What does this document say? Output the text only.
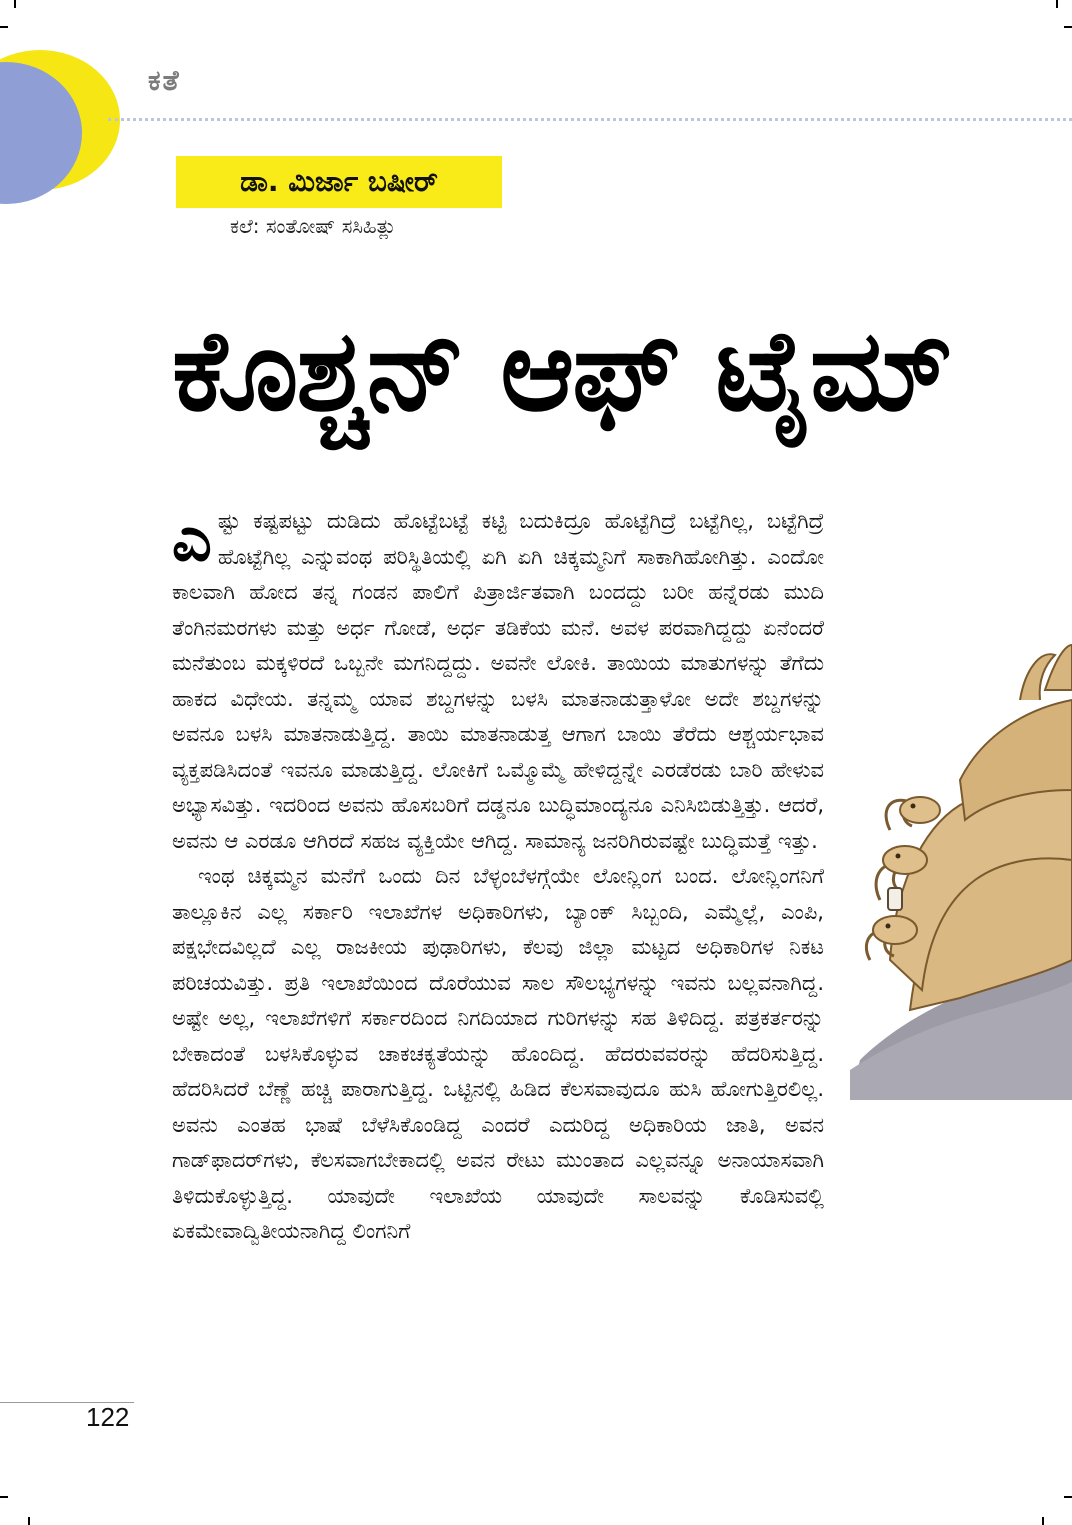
ಕತೆ
ಡಾ. ಮಿರ್ಜಾ ಬಷೀರ್
ಕಲೆ: ಸಂತೋಷ್ ಸಸಿಹಿತ್ಲು
ಕೊಶ್ಚನ್ ಆಫ್ ಟೈಮ್

ಎಷ್ಟು ಕಷ್ಟಪಟ್ಟು ದುಡಿದು ಹೊಟ್ಟೆಬಟ್ಟೆ ಕಟ್ಟಿ ಬದುಕಿದ್ರೂ ಹೊಟ್ಟೆಗಿದ್ರೆ ಬಟ್ಟೆಗಿಲ್ಲ, ಬಟ್ಟೆಗಿದ್ರೆ ಹೊಟ್ಟೆಗಿಲ್ಲ ಎನ್ನುವಂಥ ಪರಿಸ್ಥಿತಿಯಲ್ಲಿ ಏಗಿ ಏಗಿ ಚಿಕ್ಕಮ್ಮನಿಗೆ ಸಾಕಾಗಿಹೋಗಿತ್ತು. ಎಂದೋ ಕಾಲವಾಗಿ ಹೋದ ತನ್ನ ಗಂಡನ ಪಾಲಿಗೆ ಪಿತ್ರಾರ್ಜಿತವಾಗಿ ಬಂದದ್ದು ಬರೀ ಹನ್ನೆರಡು ಮುದಿ ತೆಂಗಿನಮರಗಳು ಮತ್ತು ಅರ್ಧ ಗೋಡೆ, ಅರ್ಧ ತಡಿಕೆಯ ಮನೆ. ಅವಳ ಪರವಾಗಿದ್ದದ್ದು ಏನೆಂದರೆ ಮನೆತುಂಬ ಮಕ್ಕಳಿರದೆ ಒಬ್ಬನೇ ಮಗನಿದ್ದದ್ದು. ಅವನೇ ಲೋಕಿ. ತಾಯಿಯ ಮಾತುಗಳನ್ನು ತೆಗೆದು ಹಾಕದ ವಿಧೇಯ. ತನ್ನಮ್ಮ ಯಾವ ಶಬ್ದಗಳನ್ನು ಬಳಸಿ ಮಾತನಾಡುತ್ತಾಳೋ ಅದೇ ಶಬ್ದಗಳನ್ನು ಅವನೂ ಬಳಸಿ ಮಾತನಾಡುತ್ತಿದ್ದ. ತಾಯಿ ಮಾತನಾಡುತ್ತ ಆಗಾಗ ಬಾಯಿ ತೆರೆದು ಆಶ್ಚರ್ಯಭಾವ ವ್ಯಕ್ತಪಡಿಸಿದಂತೆ ಇವನೂ ಮಾಡುತ್ತಿದ್ದ. ಲೋಕಿಗೆ ಒಮ್ಮೊಮ್ಮೆ ಹೇಳಿದ್ದನ್ನೇ ಎರಡೆರಡು ಬಾರಿ ಹೇಳುವ ಅಭ್ಯಾಸವಿತ್ತು. ಇದರಿಂದ ಅವನು ಹೊಸಬರಿಗೆ ದಡ್ಡನೂ ಬುದ್ಧಿಮಾಂದ್ಯನೂ ಎನಿಸಿಬಿಡುತ್ತಿತ್ತು. ಆದರೆ, ಅವನು ಆ ಎರಡೂ ಆಗಿರದೆ ಸಹಜ ವ್ಯಕ್ತಿಯೇ ಆಗಿದ್ದ. ಸಾಮಾನ್ಯ ಜನರಿಗಿರುವಷ್ಟೇ ಬುದ್ಧಿಮತ್ತೆ ಇತ್ತು.

ಇಂಥ ಚಿಕ್ಕಮ್ಮನ ಮನೆಗೆ ಒಂದು ದಿನ ಬೆಳ್ಳಂಬೆಳಗ್ಗೆಯೇ ಲೋನ್ಲಿಂಗ ಬಂದ. ಲೋನ್ಲಿಂಗನಿಗೆ ತಾಲ್ಲೂಕಿನ ಎಲ್ಲ ಸರ್ಕಾರಿ ಇಲಾಖೆಗಳ ಅಧಿಕಾರಿಗಳು, ಬ್ಯಾಂಕ್ ಸಿಬ್ಬಂದಿ, ಎಮ್ಮೆಲ್ಲೆ, ಎಂಪಿ, ಪಕ್ಷಭೇದವಿಲ್ಲದೆ ಎಲ್ಲ ರಾಜಕೀಯ ಪುಢಾರಿಗಳು, ಕೆಲವು ಜಿಲ್ಲಾ ಮಟ್ಟದ ಅಧಿಕಾರಿಗಳ ನಿಕಟ ಪರಿಚಯವಿತ್ತು. ಪ್ರತಿ ಇಲಾಖೆಯಿಂದ ದೊರೆಯುವ ಸಾಲ ಸೌಲಭ್ಯಗಳನ್ನು ಇವನು ಬಲ್ಲವನಾಗಿದ್ದ. ಅಷ್ಟೇ ಅಲ್ಲ, ಇಲಾಖೆಗಳಿಗೆ ಸರ್ಕಾರದಿಂದ ನಿಗದಿಯಾದ ಗುರಿಗಳನ್ನು ಸಹ ತಿಳಿದಿದ್ದ. ಪತ್ರಕರ್ತರನ್ನು ಬೇಕಾದಂತೆ ಬಳಸಿಕೊಳ್ಳುವ ಚಾಕಚಕ್ಯತೆಯನ್ನು ಹೊಂದಿದ್ದ. ಹೆದರುವವರನ್ನು ಹೆದರಿಸುತ್ತಿದ್ದ. ಹೆದರಿಸಿದರೆ ಬೆಣ್ಣೆ ಹಚ್ಚಿ ಪಾರಾಗುತ್ತಿದ್ದ. ಒಟ್ಟಿನಲ್ಲಿ ಹಿಡಿದ ಕೆಲಸವಾವುದೂ ಹುಸಿ ಹೋಗುತ್ತಿರಲಿಲ್ಲ. ಅವನು ಎಂತಹ ಭಾಷೆ ಬೆಳೆಸಿಕೊಂಡಿದ್ದ ಎಂದರೆ ಎದುರಿದ್ದ ಅಧಿಕಾರಿಯ ಜಾತಿ, ಅವನ ಗಾಡ್‌ಫಾದರ್‌ಗಳು, ಕೆಲಸವಾಗಬೇಕಾದಲ್ಲಿ ಅವನ ರೇಟು ಮುಂತಾದ ಎಲ್ಲವನ್ನೂ ಅನಾಯಾಸವಾಗಿ ತಿಳಿದುಕೊಳ್ಳುತ್ತಿದ್ದ. ಯಾವುದೇ ಇಲಾಖೆಯ ಯಾವುದೇ ಸಾಲವನ್ನು ಕೊಡಿಸುವಲ್ಲಿ ಏಕಮೇವಾದ್ವಿತೀಯನಾಗಿದ್ದ ಲಿಂಗನಿಗೆ

122
